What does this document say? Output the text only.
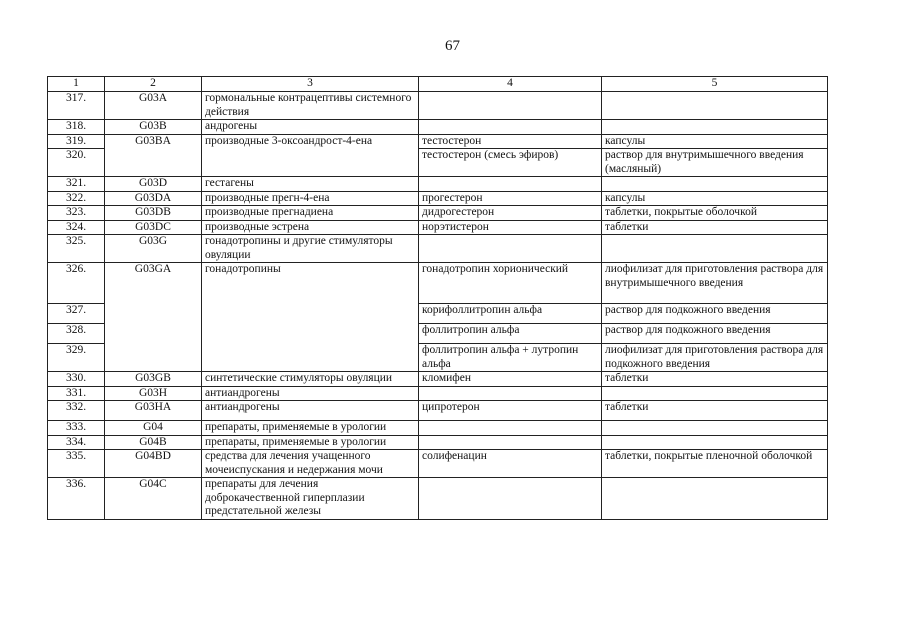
67
1	2	3	4	5
317.	G03A	гормональные контрацептивы системного действия		
318.	G03B	андрогены		
319.	G03BA	производные 3-оксоандрост-4-ена	тестостерон	капсулы
320.			тестостерон (смесь эфиров)	раствор для внутримышечного введения (масляный)
321.	G03D	гестагены		
322.	G03DA	производные прегн-4-ена	прогестерон	капсулы
323.	G03DB	производные прегнадиена	дидрогестерон	таблетки, покрытые оболочкой
324.	G03DC	производные эстрена	норэтистерон	таблетки
325.	G03G	гонадотропины и другие стимуляторы овуляции		
326.	G03GA	гонадотропины	гонадотропин хорионический	лиофилизат для приготовления раствора для внутримышечного введения
327.			корифоллитропин альфа	раствор для подкожного введения
328.			фоллитропин альфа	раствор для подкожного введения
329.			фоллитропин альфа + лутропин альфа	лиофилизат для приготовления раствора для подкожного введения
330.	G03GB	синтетические стимуляторы овуляции	кломифен	таблетки
331.	G03H	антиандрогены		
332.	G03HA	антиандрогены	ципротерон	таблетки
333.	G04	препараты, применяемые в урологии		
334.	G04B	препараты, применяемые в урологии		
335.	G04BD	средства для лечения учащенного мочеиспускания и недержания мочи	солифенацин	таблетки, покрытые пленочной оболочкой
336.	G04C	препараты для лечения доброкачественной гиперплазии предстательной железы		
